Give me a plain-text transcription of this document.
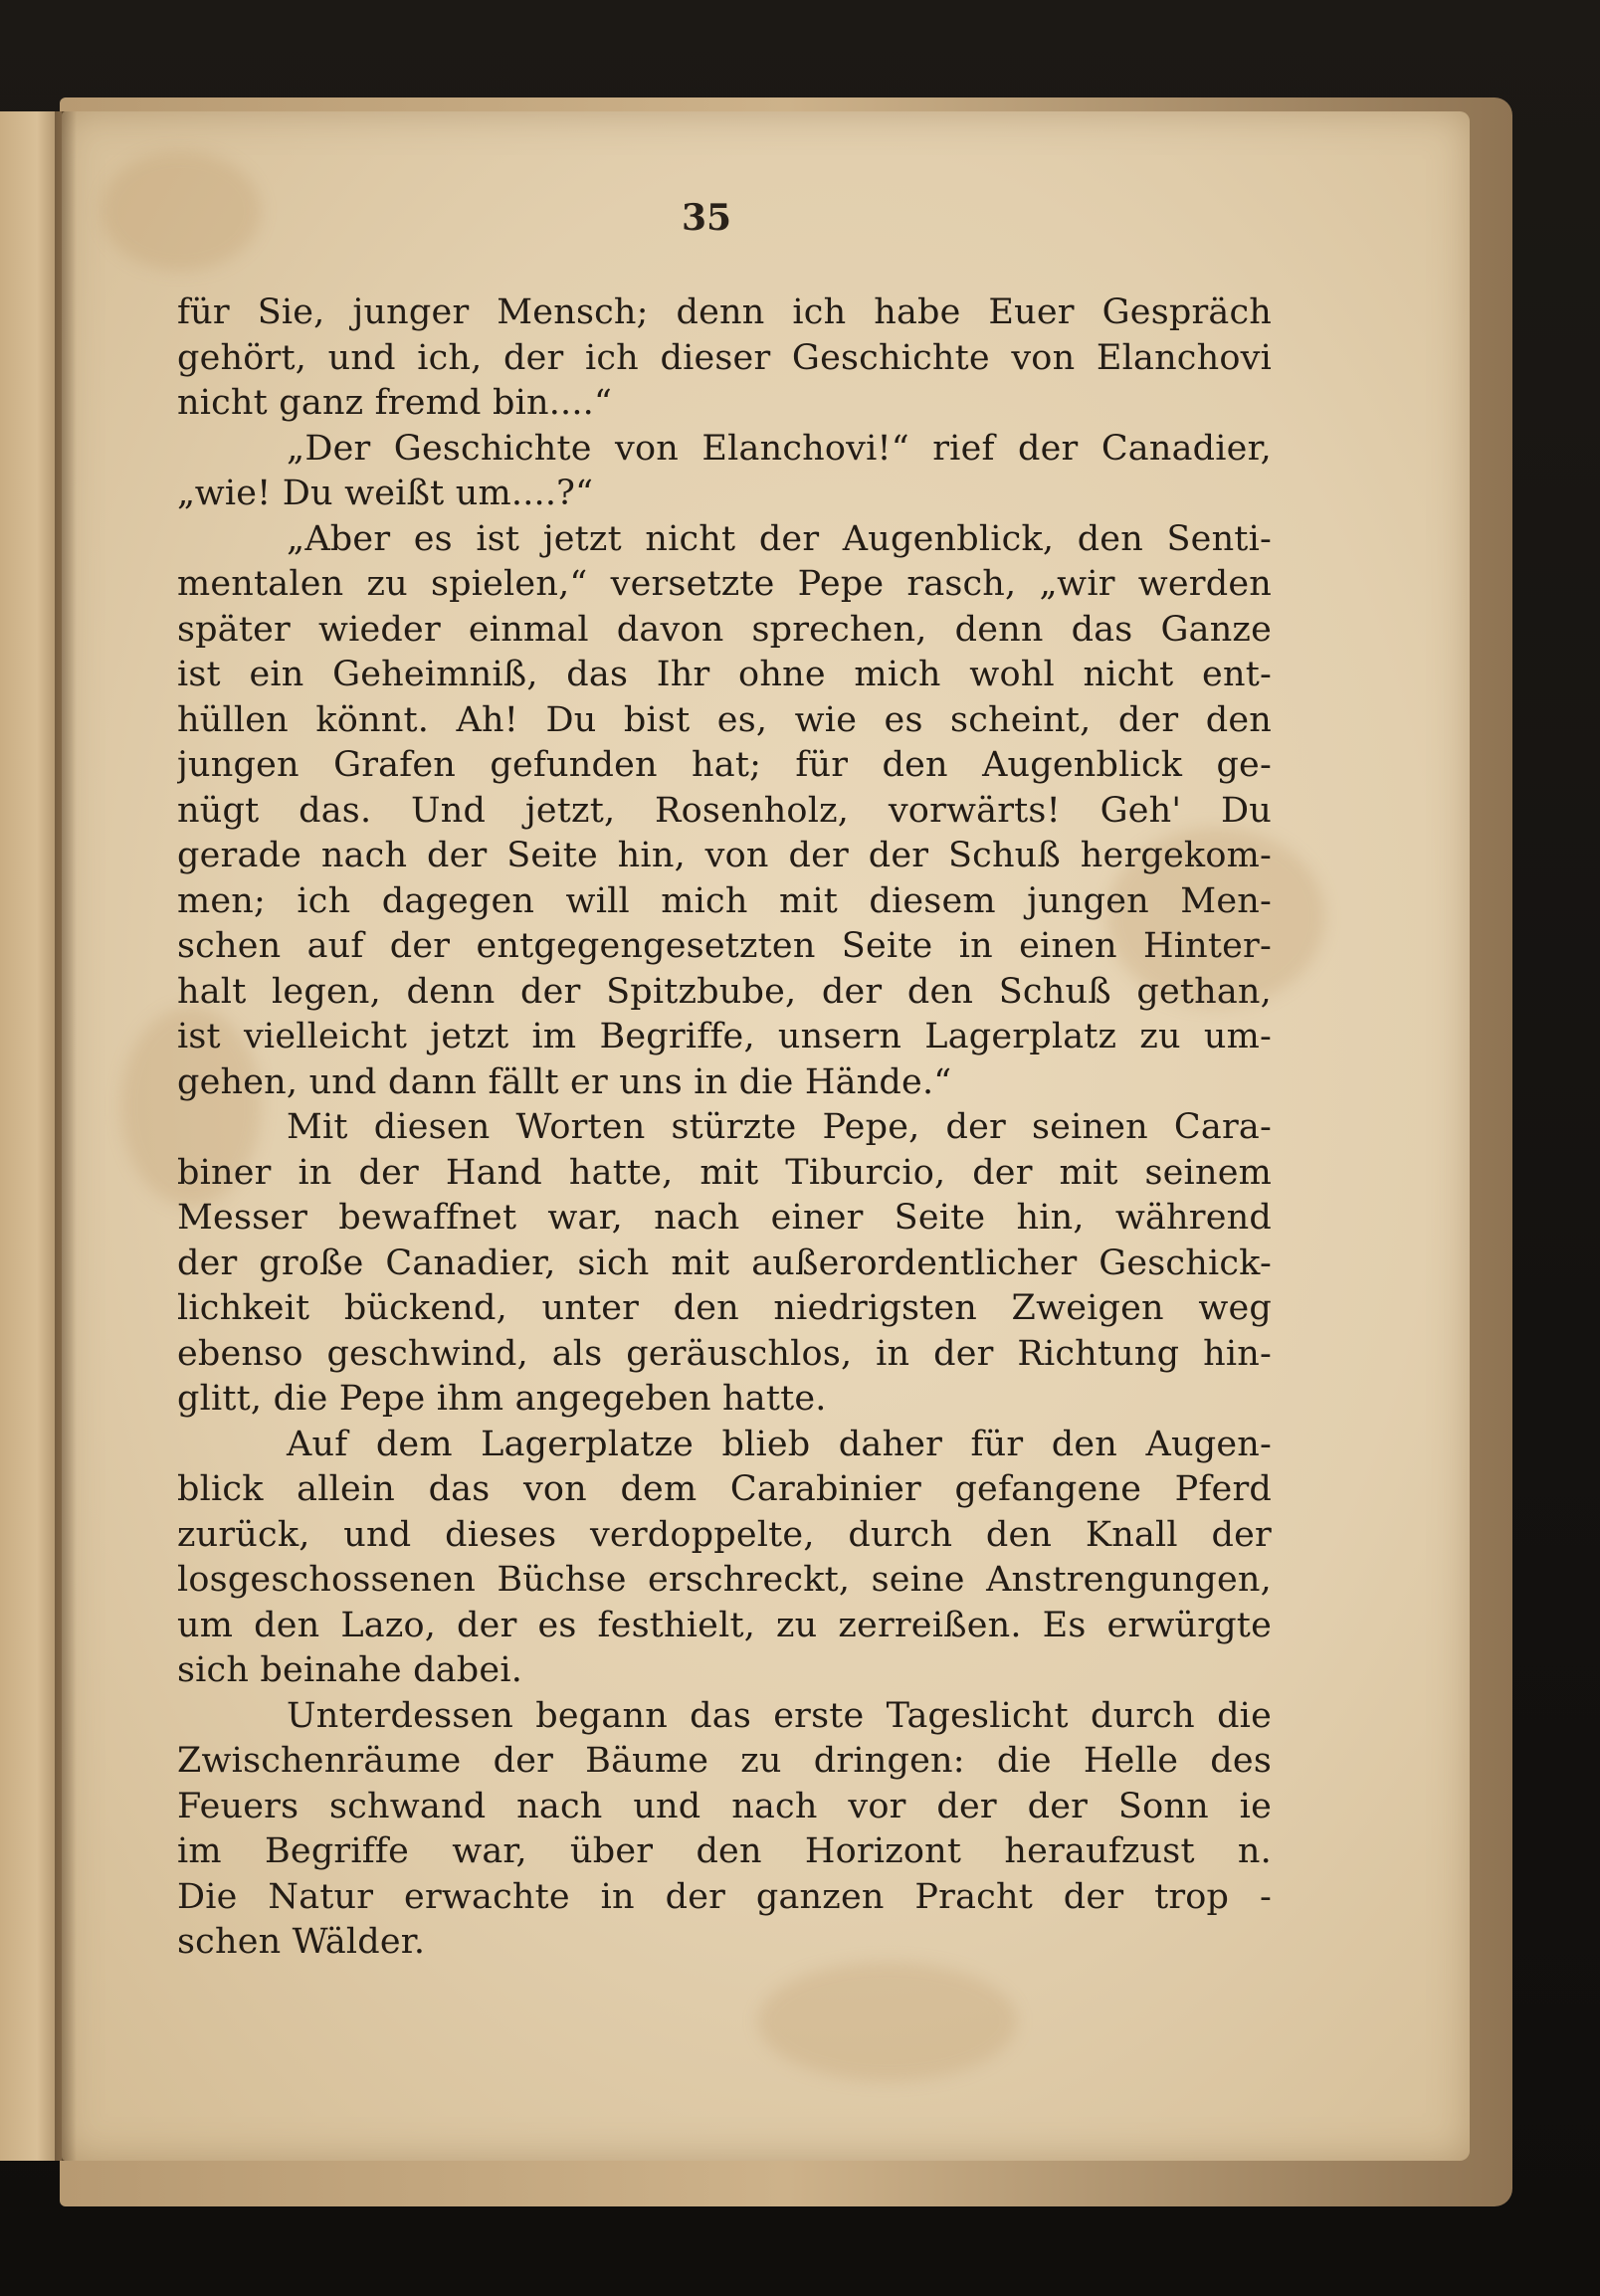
35
für Sie, junger Mensch; denn ich habe Euer Gespräch
gehört, und ich, der ich dieser Geschichte von Elanchovi
nicht ganz fremd bin....“
„Der Geschichte von Elanchovi!“ rief der Canadier,
„wie! Du weißt um....?“
„Aber es ist jetzt nicht der Augenblick, den Senti-
mentalen zu spielen,“ versetzte Pepe rasch, „wir werden
später wieder einmal davon sprechen, denn das Ganze
ist ein Geheimniß, das Ihr ohne mich wohl nicht ent-
hüllen könnt. Ah! Du bist es, wie es scheint, der den
jungen Grafen gefunden hat; für den Augenblick ge-
nügt das. Und jetzt, Rosenholz, vorwärts! Geh' Du
gerade nach der Seite hin, von der der Schuß hergekom-
men; ich dagegen will mich mit diesem jungen Men-
schen auf der entgegengesetzten Seite in einen Hinter-
halt legen, denn der Spitzbube, der den Schuß gethan,
ist vielleicht jetzt im Begriffe, unsern Lagerplatz zu um-
gehen, und dann fällt er uns in die Hände.“
Mit diesen Worten stürzte Pepe, der seinen Cara-
biner in der Hand hatte, mit Tiburcio, der mit seinem
Messer bewaffnet war, nach einer Seite hin, während
der große Canadier, sich mit außerordentlicher Geschick-
lichkeit bückend, unter den niedrigsten Zweigen weg
ebenso geschwind, als geräuschlos, in der Richtung hin-
glitt, die Pepe ihm angegeben hatte.
Auf dem Lagerplatze blieb daher für den Augen-
blick allein das von dem Carabinier gefangene Pferd
zurück, und dieses verdoppelte, durch den Knall der
losgeschossenen Büchse erschreckt, seine Anstrengungen,
um den Lazo, der es festhielt, zu zerreißen. Es erwürgte
sich beinahe dabei.
Unterdessen begann das erste Tageslicht durch die
Zwischenräume der Bäume zu dringen: die Helle des
Feuers schwand nach und nach vor der der Sonn ie
im Begriffe war, über den Horizont heraufzust n.
Die Natur erwachte in der ganzen Pracht der trop -
schen Wälder.
